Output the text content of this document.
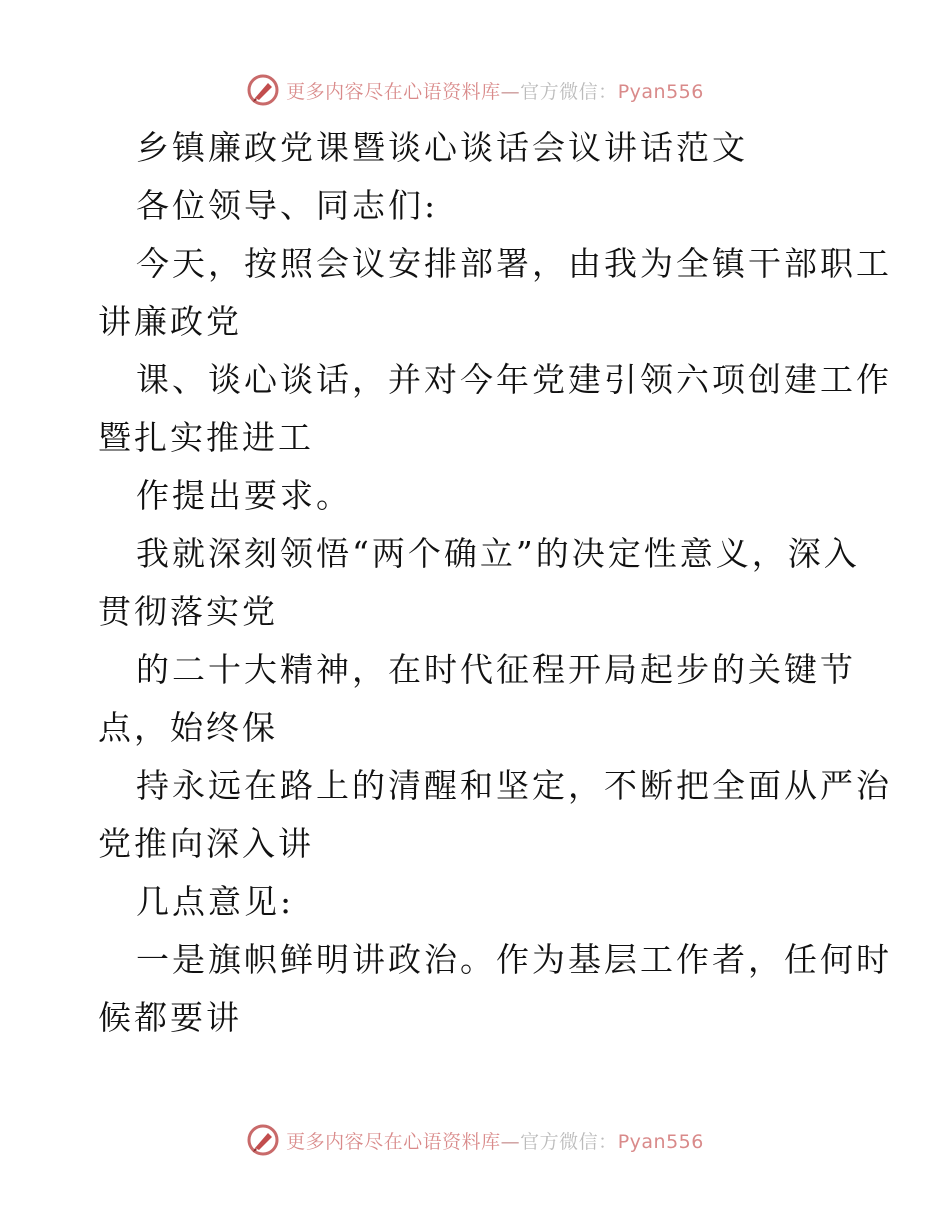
更多内容尽在心语资料库—官方微信：Pyan556
乡镇廉政党课暨谈心谈话会议讲话范文
各位领导、同志们:
今天，按照会议安排部署，由我为全镇干部职工
讲廉政党
课、谈心谈话，并对今年党建引领六项创建工作
暨扎实推进工
作提出要求。
我就深刻领悟“两个确立”的决定性意义，深入
贯彻落实党
的二十大精神，在时代征程开局起步的关键节
点，始终保
持永远在路上的清醒和坚定，不断把全面从严治
党推向深入讲
几点意见:
一是旗帜鲜明讲政治。作为基层工作者，任何时
候都要讲
更多内容尽在心语资料库—官方微信：Pyan556
